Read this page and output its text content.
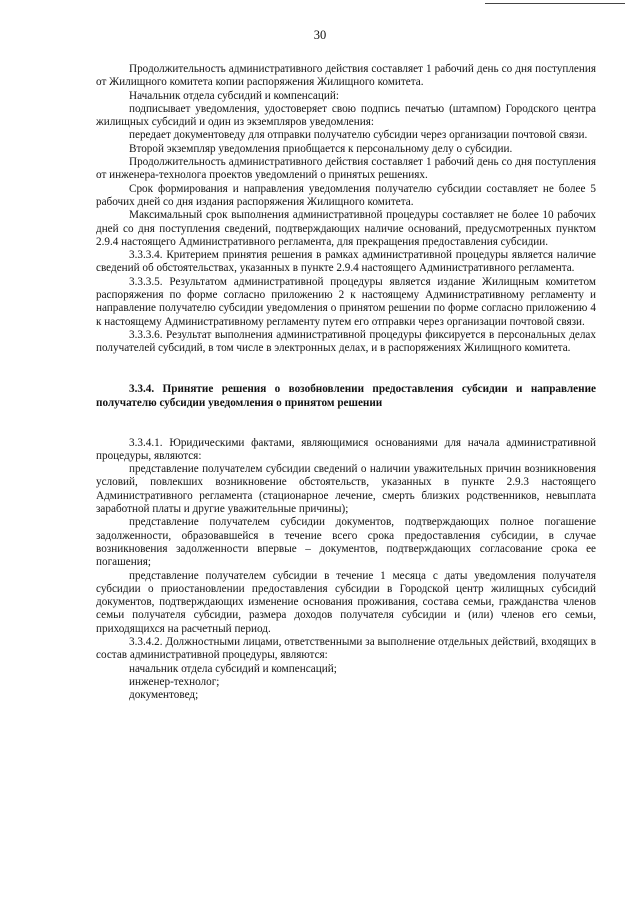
30

Продолжительность административного действия составляет 1 рабочий день со дня поступления от Жилищного комитета копии распоряжения Жилищного комитета.

Начальник отдела субсидий и компенсаций:

подписывает уведомления, удостоверяет свою подпись печатью (штампом) Городского центра жилищных субсидий и один из экземпляров уведомления:

передает документоведу для отправки получателю субсидии через организации почтовой связи.

Второй экземпляр уведомления приобщается к персональному делу о субсидии.

Продолжительность административного действия составляет 1 рабочий день со дня поступления от инженера-технолога проектов уведомлений о принятых решениях.

Срок формирования и направления уведомления получателю субсидии составляет не более 5 рабочих дней со дня издания распоряжения Жилищного комитета.

Максимальный срок выполнения административной процедуры составляет не более 10 рабочих дней со дня поступления сведений, подтверждающих наличие оснований, предусмотренных пунктом 2.9.4 настоящего Административного регламента, для прекращения предоставления субсидии.

3.3.3.4. Критерием принятия решения в рамках административной процедуры является наличие сведений об обстоятельствах, указанных в пункте 2.9.4 настоящего Административного регламента.

3.3.3.5. Результатом административной процедуры является издание Жилищным комитетом распоряжения по форме согласно приложению 2 к настоящему Административному регламенту и направление получателю субсидии уведомления о принятом решении по форме согласно приложению 4 к настоящему Административному регламенту путем его отправки через организации почтовой связи.

3.3.3.6. Результат выполнения административной процедуры фиксируется в персональных делах получателей субсидий, в том числе в электронных делах, и в распоряжениях Жилищного комитета.

3.3.4. Принятие решения о возобновлении предоставления субсидии и направление получателю субсидии уведомления о принятом решении

3.3.4.1. Юридическими фактами, являющимися основаниями для начала административной процедуры, являются:

представление получателем субсидии сведений о наличии уважительных причин возникновения условий, повлекших возникновение обстоятельств, указанных в пункте 2.9.3 настоящего Административного регламента (стационарное лечение, смерть близких родственников, невыплата заработной платы и другие уважительные причины);

представление получателем субсидии документов, подтверждающих полное погашение задолженности, образовавшейся в течение всего срока предоставления субсидии, в случае возникновения задолженности впервые – документов, подтверждающих согласование срока ее погашения;

представление получателем субсидии в течение 1 месяца с даты уведомления получателя субсидии о приостановлении предоставления субсидии в Городской центр жилищных субсидий документов, подтверждающих изменение основания проживания, состава семьи, гражданства членов семьи получателя субсидии, размера доходов получателя субсидии и (или) членов его семьи, приходящихся на расчетный период.

3.3.4.2. Должностными лицами, ответственными за выполнение отдельных действий, входящих в состав административной процедуры, являются:

начальник отдела субсидий и компенсаций;

инженер-технолог;

документовед;
